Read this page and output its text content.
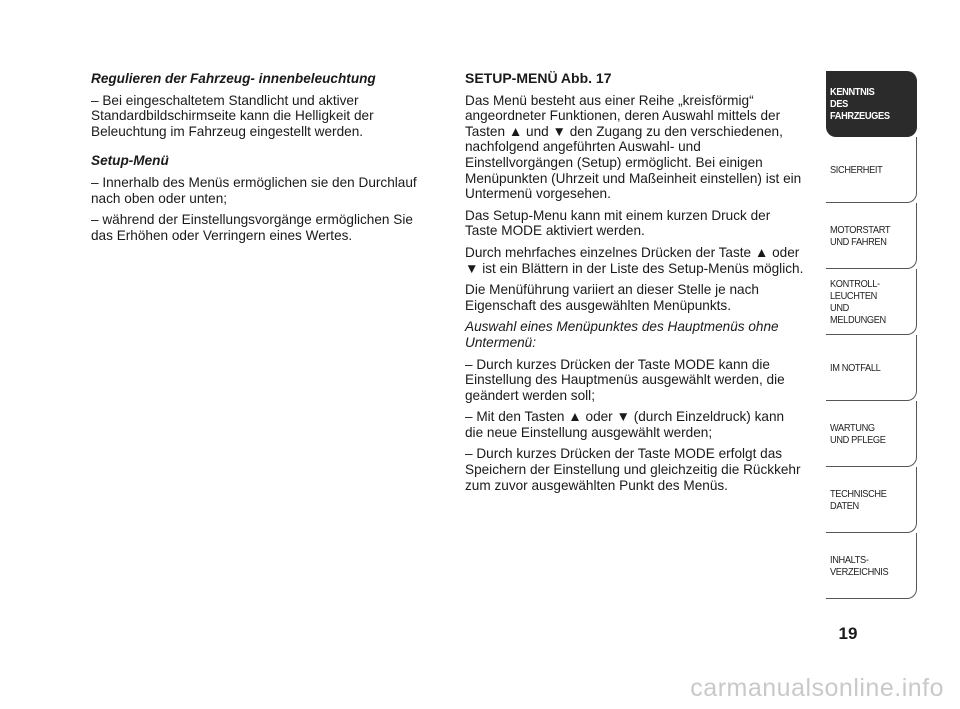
Regulieren der Fahrzeug- innenbeleuchtung

– Bei eingeschaltetem Standlicht und aktiver Standardbildschirmseite kann die Helligkeit der Beleuchtung im Fahrzeug eingestellt werden.

Setup-Menü

– Innerhalb des Menüs ermöglichen sie den Durchlauf nach oben oder unten;

– während der Einstellungsvorgänge ermöglichen Sie das Erhöhen oder Verringern eines Wertes.

SETUP-MENÜ Abb. 17

Das Menü besteht aus einer Reihe „kreisförmig“ angeordneter Funktionen, deren Auswahl mittels der Tasten ▲ und ▼ den Zugang zu den verschiedenen, nachfolgend angeführten Auswahl- und Einstellvorgängen (Setup) ermöglicht. Bei einigen Menüpunkten (Uhrzeit und Maßeinheit einstellen) ist ein Untermenü vorgesehen.

Das Setup-Menu kann mit einem kurzen Druck der Taste MODE aktiviert werden.

Durch mehrfaches einzelnes Drücken der Taste ▲ oder ▼ ist ein Blättern in der Liste des Setup-Menüs möglich.

Die Menüführung variiert an dieser Stelle je nach Eigenschaft des ausgewählten Menüpunkts.

Auswahl eines Menüpunktes des Hauptmenüs ohne Untermenü:

– Durch kurzes Drücken der Taste MODE kann die Einstellung des Hauptmenüs ausgewählt werden, die geändert werden soll;

– Mit den Tasten ▲ oder ▼ (durch Einzeldruck) kann die neue Einstellung ausgewählt werden;

– Durch kurzes Drücken der Taste MODE erfolgt das Speichern der Einstellung und gleichzeitig die Rückkehr zum zuvor ausgewählten Punkt des Menüs.

KENNTNIS
DES FAHRZEUGES
SICHERHEIT
MOTORSTART
UND FAHREN
KONTROLL-
LEUCHTEN
UND MELDUNGEN
IM NOTFALL
WARTUNG
UND PFLEGE
TECHNISCHE
DATEN
INHALTS-
VERZEICHNIS
19
carmanualsonline.info
